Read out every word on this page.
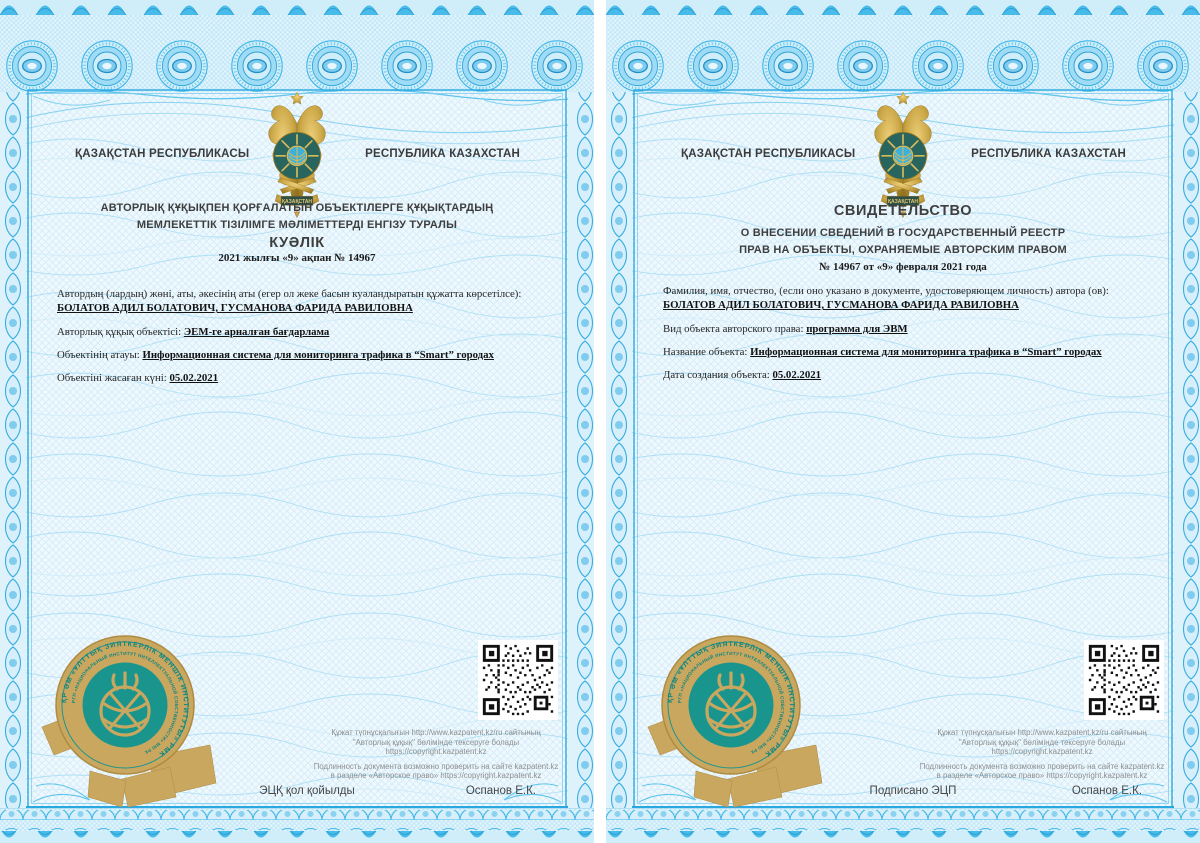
ҚАЗАҚСТАН РЕСПУБЛИКАСЫ	РЕСПУБЛИКА КАЗАХСТАН
АВТОРЛЫҚ ҚҰҚЫҚПЕН ҚОРҒАЛАТЫН ОБЪЕКТІЛЕРГЕ ҚҰҚЫҚТАРДЫҢ
МЕМЛЕКЕТТІК ТІЗІЛІМГЕ МӘЛІМЕТТЕРДІ ЕНГІЗУ ТУРАЛЫ
КУӘЛІК
2021 жылғы «9» ақпан № 14967
Автордың (лардың) жөні, аты, әкесінің аты (егер ол жеке басын куәландыратын құжатта көрсетілсе):
БОЛАТОВ АДИЛ БОЛАТОВИЧ, ГУСМАНОВА ФАРИДА РАВИЛОВНА
Авторлық құқық объектісі: ЭЕМ-ге арналған бағдарлама
Объектінің атауы: Информационная система для мониторинга трафика в “Smart” городах
Объектіні жасаған күні: 05.02.2021
Құжат түпнұсқалығын http://www.kazpatent.kz/ru сайтының
"Авторлық құқық" бөлімінде тексеруге болады https://copyright.kazpatent.kz
Подлинность документа возможно проверить на сайте kazpatent.kz
в разделе «Авторское право» https://copyright.kazpatent.kz
ЭЦҚ қол қойылды	Оспанов Е.К.
ҚАЗАҚСТАН РЕСПУБЛИКАСЫ	РЕСПУБЛИКА КАЗАХСТАН
СВИДЕТЕЛЬСТВО
О ВНЕСЕНИИ СВЕДЕНИЙ В ГОСУДАРСТВЕННЫЙ РЕЕСТР
ПРАВ НА ОБЪЕКТЫ, ОХРАНЯЕМЫЕ АВТОРСКИМ ПРАВОМ
№ 14967 от «9» февраля 2021 года
Фамилия, имя, отчество, (если оно указано в документе, удостоверяющем личность) автора (ов):
БОЛАТОВ АДИЛ БОЛАТОВИЧ, ГУСМАНОВА ФАРИДА РАВИЛОВНА
Вид объекта авторского права: программа для ЭВМ
Название объекта: Информационная система для мониторинга трафика в “Smart” городах
Дата создания объекта: 05.02.2021
Құжат түпнұсқалығын http://www.kazpatent.kz/ru сайтының
"Авторлық құқық" бөлімінде тексеруге болады https://copyright.kazpatent.kz
Подлинность документа возможно проверить на сайте kazpatent.kz
в разделе «Авторское право» https://copyright.kazpatent.kz
Подписано ЭЦП	Оспанов Е.К.
